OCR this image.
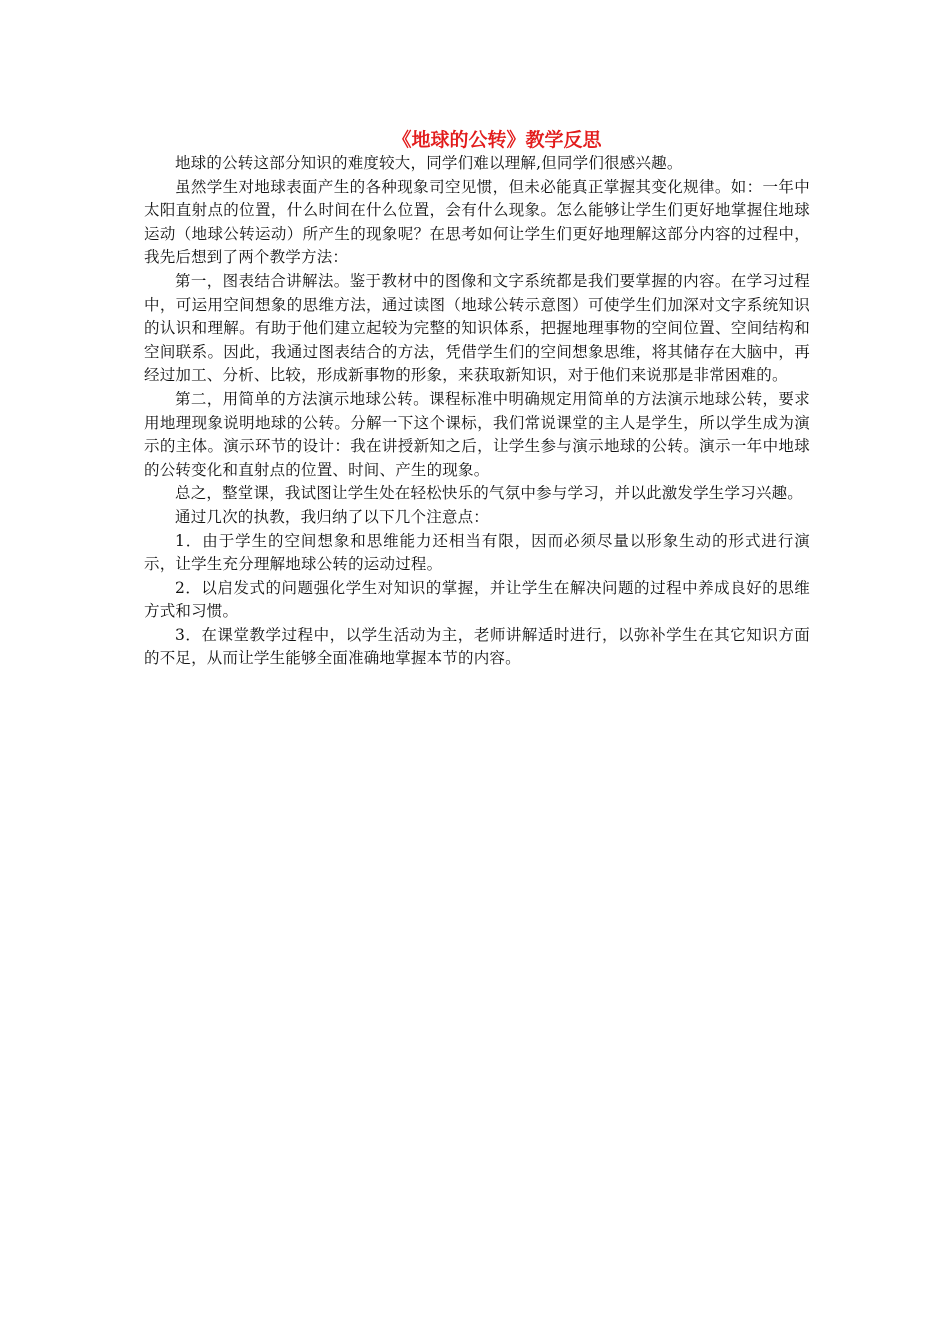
《地球的公转》教学反思

地球的公转这部分知识的难度较大，同学们难以理解,但同学们很感兴趣。

虽然学生对地球表面产生的各种现象司空见惯，但未必能真正掌握其变化规律。如：一年中太阳直射点的位置，什么时间在什么位置，会有什么现象。怎么能够让学生们更好地掌握住地球运动（地球公转运动）所产生的现象呢？在思考如何让学生们更好地理解这部分内容的过程中，我先后想到了两个教学方法：

第一，图表结合讲解法。鉴于教材中的图像和文字系统都是我们要掌握的内容。在学习过程中，可运用空间想象的思维方法，通过读图（地球公转示意图）可使学生们加深对文字系统知识的认识和理解。有助于他们建立起较为完整的知识体系，把握地理事物的空间位置、空间结构和空间联系。因此，我通过图表结合的方法，凭借学生们的空间想象思维，将其储存在大脑中，再经过加工、分析、比较，形成新事物的形象，来获取新知识，对于他们来说那是非常困难的。

第二，用简单的方法演示地球公转。课程标准中明确规定用简单的方法演示地球公转，要求用地理现象说明地球的公转。分解一下这个课标，我们常说课堂的主人是学生，所以学生成为演示的主体。演示环节的设计：我在讲授新知之后，让学生参与演示地球的公转。演示一年中地球的公转变化和直射点的位置、时间、产生的现象。

总之，整堂课，我试图让学生处在轻松快乐的气氛中参与学习，并以此激发学生学习兴趣。

通过几次的执教，我归纳了以下几个注意点：

1．由于学生的空间想象和思维能力还相当有限，因而必须尽量以形象生动的形式进行演示，让学生充分理解地球公转的运动过程。

2．以启发式的问题强化学生对知识的掌握，并让学生在解决问题的过程中养成良好的思维方式和习惯。

3．在课堂教学过程中，以学生活动为主，老师讲解适时进行，以弥补学生在其它知识方面的不足，从而让学生能够全面准确地掌握本节的内容。
